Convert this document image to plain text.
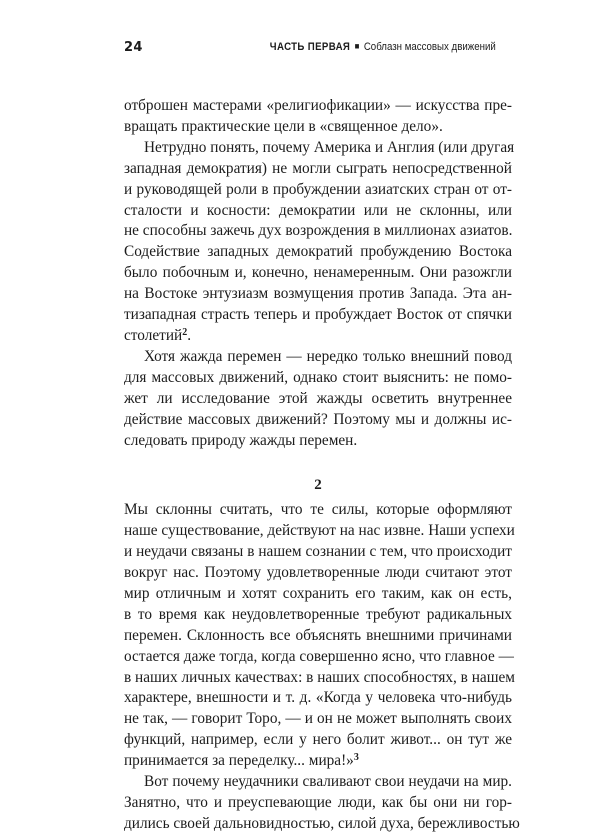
24	ЧАСТЬ ПЕРВАЯ ■ Соблазн массовых движений
отброшен мастерами «религиофикации» — искусства пре-
вращать практические цели в «священное дело».
Нетрудно понять, почему Америка и Англия (или другая
западная демократия) не могли сыграть непосредственной
и руководящей роли в пробуждении азиатских стран от от-
сталости и косности: демократии или не склонны, или
не способны зажечь дух возрождения в миллионах азиатов.
Содействие западных демократий пробуждению Востока
было побочным и, конечно, ненамеренным. Они разожгли
на Востоке энтузиазм возмущения против Запада. Эта ан-
тизападная страсть теперь и пробуждает Восток от спячки
столетий$^2$.
Хотя жажда перемен — нередко только внешний повод
для массовых движений, однако стоит выяснить: не помо-
жет ли исследование этой жажды осветить внутреннее
действие массовых движений? Поэтому мы и должны ис-
следовать природу жажды перемен.
2
Мы склонны считать, что те силы, которые оформляют
наше существование, действуют на нас извне. Наши успехи
и неудачи связаны в нашем сознании с тем, что происходит
вокруг нас. Поэтому удовлетворенные люди считают этот
мир отличным и хотят сохранить его таким, как он есть,
в то время как неудовлетворенные требуют радикальных
перемен. Склонность все объяснять внешними причинами
остается даже тогда, когда совершенно ясно, что главное —
в наших личных качествах: в наших способностях, в нашем
характере, внешности и т. д. «Когда у человека что-нибудь
не так, — говорит Торо, — и он не может выполнять своих
функций, например, если у него болит живот... он тут же
принимается за переделку... мира!»$^3$
Вот почему неудачники сваливают свои неудачи на мир.
Занятно, что и преуспевающие люди, как бы они ни гор-
дились своей дальновидностью, силой духа, бережливостью
